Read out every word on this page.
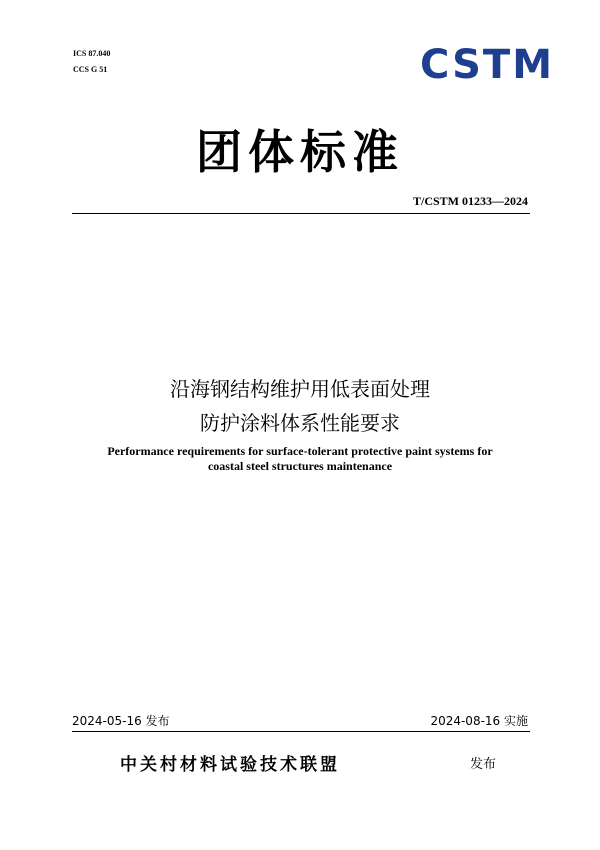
ICS 87.040
CCS G 51	CSTM
团体标准
T/CSTM 01233—2024
沿海钢结构维护用低表面处理
防护涂料体系性能要求
Performance requirements for surface-tolerant protective paint systems for
coastal steel structures maintenance
2024-05-16 发布	2024-08-16 实施
中关村材料试验技术联盟	发布
